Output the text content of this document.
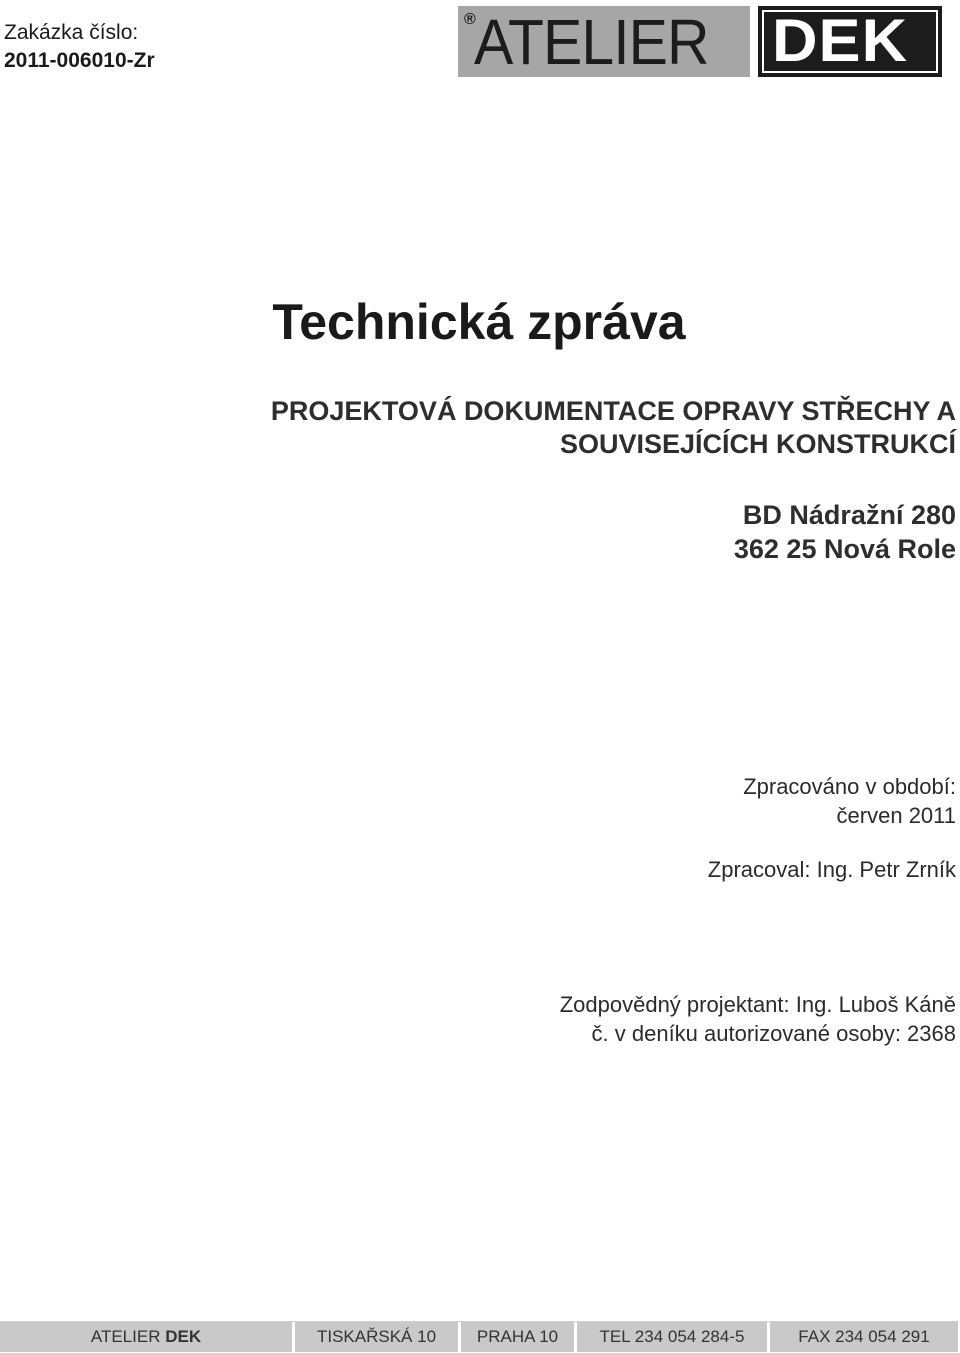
Zakázka číslo:
2011-006010-Zr
®
ATELIER DEK
Technická zpráva
PROJEKTOVÁ DOKUMENTACE OPRAVY STŘECHY A
SOUVISEJÍCÍCH KONSTRUKCÍ
BD Nádražní 280
362 25 Nová Role
Zpracováno v období:
červen 2011
Zpracoval: Ing. Petr Zrník
Zodpovědný projektant: Ing. Luboš Káně
č. v deníku autorizované osoby: 2368
ATELIER DEK	TISKAŘSKÁ 10	PRAHA 10	TEL 234 054 284-5	FAX 234 054 291
